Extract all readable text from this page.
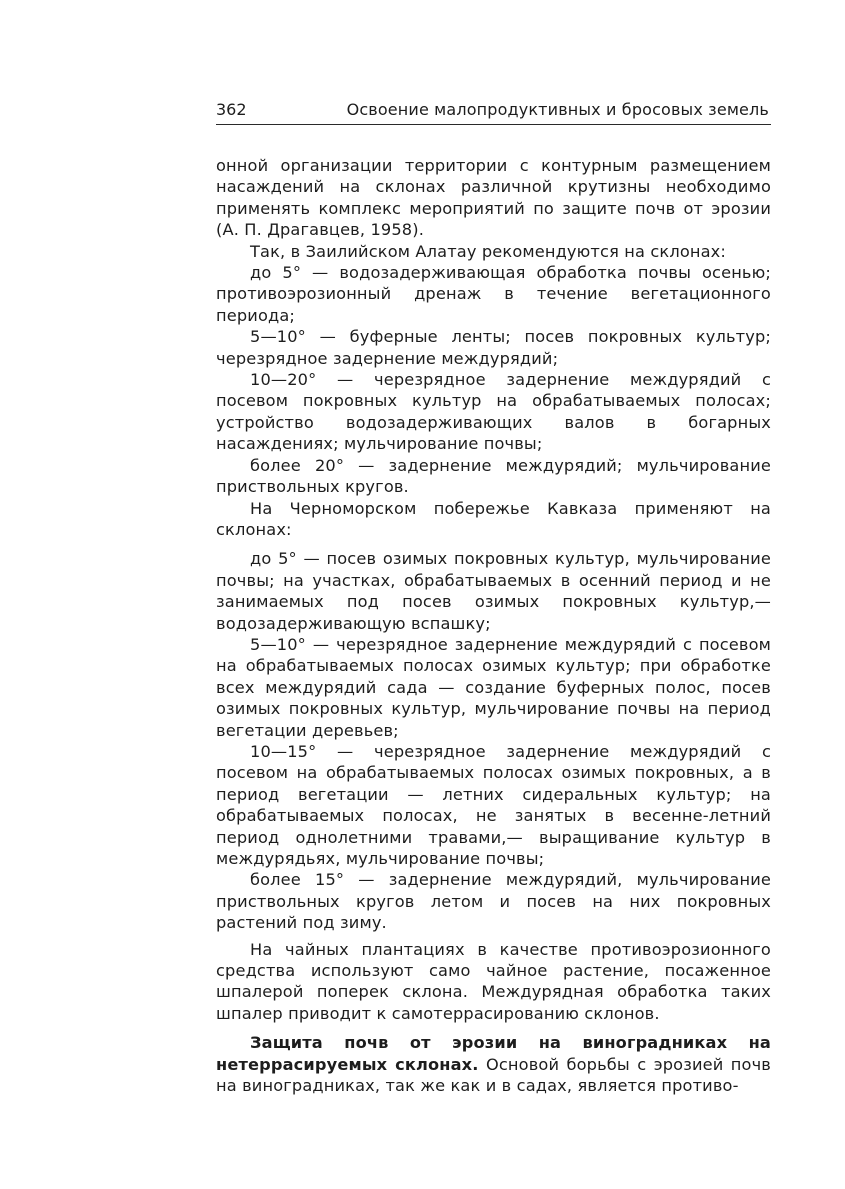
362	Освоение малопродуктивных и бросовых земель

онной организации территории с контурным размещением насаждений на склонах различной крутизны необходимо применять комплекс мероприятий по защите почв от эрозии (А. П. Драгавцев, 1958).

Так, в Заилийском Алатау рекомендуются на склонах:

до 5° — водозадерживающая обработка почвы осенью; противоэрозионный дренаж в течение вегетационного периода;

5—10° — буферные ленты; посев покровных культур; черезрядное задернение междурядий;

10—20° — черезрядное задернение междурядий с посевом покровных культур на обрабатываемых полосах; устройство водозадерживающих валов в богарных насаждениях; мульчирование почвы;

более 20° — задернение междурядий; мульчирование приствольных кругов.

На Черноморском побережье Кавказа применяют на склонах:

до 5° — посев озимых покровных культур, мульчирование почвы; на участках, обрабатываемых в осенний период и не занимаемых под посев озимых покровных культур,— водозадерживающую вспашку;

5—10° — черезрядное задернение междурядий с посевом на обрабатываемых полосах озимых культур; при обработке всех междурядий сада — создание буферных полос, посев озимых покровных культур, мульчирование почвы на период вегетации деревьев;

10—15° — черезрядное задернение междурядий с посевом на обрабатываемых полосах озимых покровных, а в период вегетации — летних сидеральных культур; на обрабатываемых полосах, не занятых в весенне-летний период однолетними травами,— выращивание культур в междурядьях, мульчирование почвы;

более 15° — задернение междурядий, мульчирование приствольных кругов летом и посев на них покровных растений под зиму.

На чайных плантациях в качестве противоэрозионного средства используют само чайное растение, посаженное шпалерой поперек склона. Междурядная обработка таких шпалер приводит к самотеррасированию склонов.

Защита почв от эрозии на виноградниках на нетеррасируемых склонах. Основой борьбы с эрозией почв на виноградниках, так же как и в садах, является противо-
